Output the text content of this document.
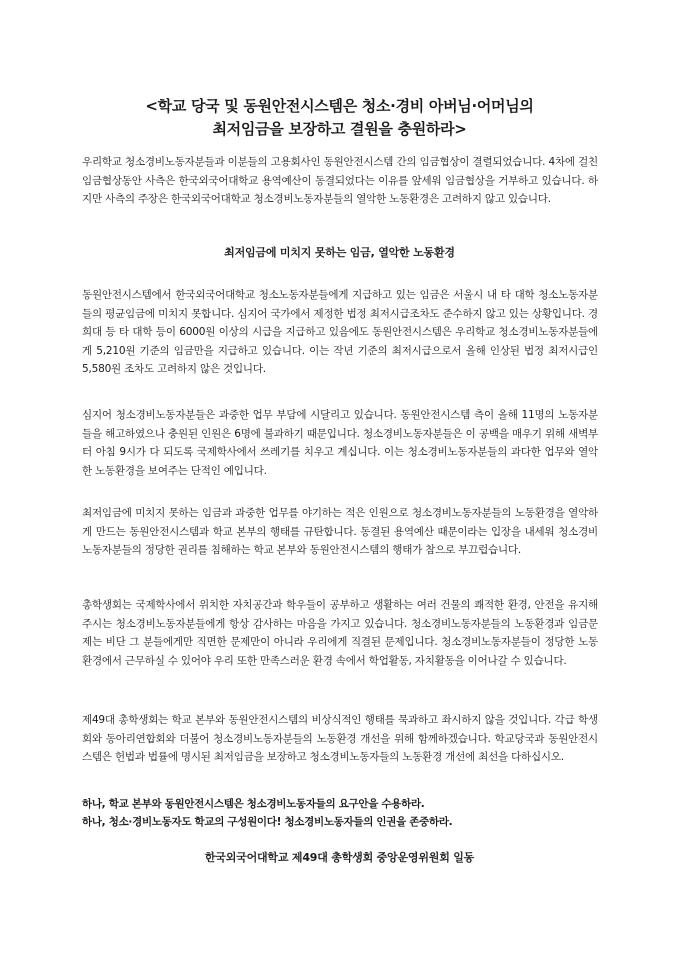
<학교 당국 및 동원안전시스템은 청소·경비 아버님·어머님의
최저임금을 보장하고 결원을 충원하라>

우리학교 청소경비노동자분들과 이분들의 고용회사인 동원안전시스템 간의 임금협상이 결렬되었습니다. 4차에 걸친 임금협상동안 사측은 한국외국어대학교 용역예산이 동결되었다는 이유를 앞세워 임금협상을 거부하고 있습니다. 하지만 사측의 주장은 한국외국어대학교 청소경비노동자분들의 열악한 노동환경은 고려하지 않고 있습니다.

최저임금에 미치지 못하는 임금, 열악한 노동환경

동원안전시스템에서 한국외국어대학교 청소노동자분들에게 지급하고 있는 임금은 서울시 내 타 대학 청소노동자분들의 평균임금에 미치지 못합니다. 심지어 국가에서 제정한 법정 최저시급조차도 준수하지 않고 있는 상황입니다. 경희대 등 타 대학 등이 6000원 이상의 시급을 지급하고 있음에도 동원안전시스템은 우리학교 청소경비노동자분들에게 5,210원 기준의 임금만을 지급하고 있습니다. 이는 작년 기준의 최저시급으로서 올해 인상된 법정 최저시급인 5,580원 조차도 고려하지 않은 것입니다.

심지어 청소경비노동자분들은 과중한 업무 부담에 시달리고 있습니다. 동원안전시스템 측이 올해 11명의 노동자분들을 해고하였으나 충원된 인원은 6명에 불과하기 때문입니다. 청소경비노동자분들은 이 공백을 매우기 위해 새벽부터 아침 9시가 다 되도록 국제학사에서 쓰레기를 치우고 계십니다. 이는 청소경비노동자분들의 과다한 업무와 열악한 노동환경을 보여주는 단적인 예입니다.

최저임금에 미치지 못하는 임금과 과중한 업무를 야기하는 적은 인원으로 청소경비노동자분들의 노동환경을 열악하게 만드는 동원안전시스템과 학교 본부의 행태를 규탄합니다. 동결된 용역예산 때문이라는 입장을 내세워 청소경비노동자분들의 정당한 권리를 침해하는 학교 본부와 동원안전시스템의 행태가 참으로 부끄럽습니다.

총학생회는 국제학사에서 위치한 자치공간과 학우들이 공부하고 생활하는 여러 건물의 쾌적한 환경, 안전을 유지해주시는 청소경비노동자분들에게 항상 감사하는 마음을 가지고 있습니다. 청소경비노동자분들의 노동환경과 임금문제는 비단 그 분들에게만 직면한 문제만이 아니라 우리에게 직결된 문제입니다. 청소경비노동자분들이 정당한 노동환경에서 근무하실 수 있어야 우리 또한 만족스러운 환경 속에서 학업활동, 자치활동을 이어나갈 수 있습니다.

제49대 총학생회는 학교 본부와 동원안전시스템의 비상식적인 행태를 묵과하고 좌시하지 않을 것입니다. 각급 학생회와 동아리연합회와 더불어 청소경비노동자분들의 노동환경 개선을 위해 함께하겠습니다. 학교당국과 동원안전시스템은 헌법과 법률에 명시된 최저임금을 보장하고 청소경비노동자들의 노동환경 개선에 최선을 다하십시오.

하나, 학교 본부와 동원안전시스템은 청소경비노동자들의 요구안을 수용하라.
하나, 청소·경비노동자도 학교의 구성원이다! 청소경비노동자들의 인권을 존중하라.
한국외국어대학교 제49대 총학생회 중앙운영위원회 일동
